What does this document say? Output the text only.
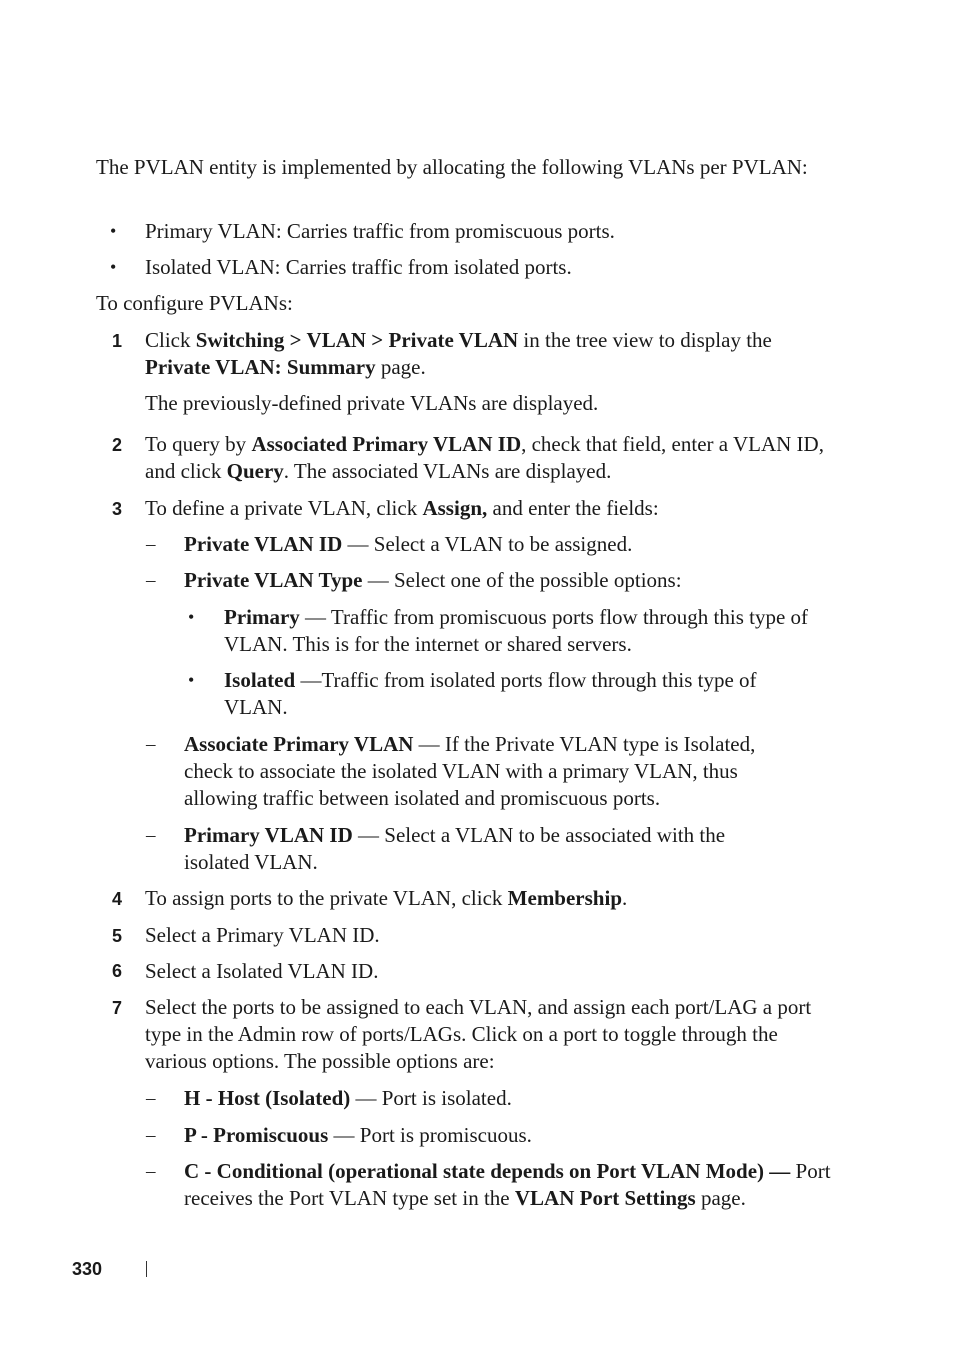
The PVLAN entity is implemented by allocating the following VLANs per PVLAN:

• Primary VLAN: Carries traffic from promiscuous ports.

• Isolated VLAN: Carries traffic from isolated ports.

To configure PVLANs:

1 Click Switching > VLAN > Private VLAN in the tree view to display the Private VLAN: Summary page.

The previously-defined private VLANs are displayed.

2 To query by Associated Primary VLAN ID, check that field, enter a VLAN ID, and click Query. The associated VLANs are displayed.

3 To define a private VLAN, click Assign, and enter the fields:

– Private VLAN ID — Select a VLAN to be assigned.

– Private VLAN Type — Select one of the possible options:

• Primary — Traffic from promiscuous ports flow through this type of VLAN. This is for the internet or shared servers.

• Isolated —Traffic from isolated ports flow through this type of VLAN.

– Associate Primary VLAN — If the Private VLAN type is Isolated, check to associate the isolated VLAN with a primary VLAN, thus allowing traffic between isolated and promiscuous ports.

– Primary VLAN ID — Select a VLAN to be associated with the isolated VLAN.

4 To assign ports to the private VLAN, click Membership.

5 Select a Primary VLAN ID.

6 Select a Isolated VLAN ID.

7 Select the ports to be assigned to each VLAN, and assign each port/LAG a port type in the Admin row of ports/LAGs. Click on a port to toggle through the various options. The possible options are:

– H - Host (Isolated) — Port is isolated.

– P - Promiscuous — Port is promiscuous.

– C - Conditional (operational state depends on Port VLAN Mode) — Port receives the Port VLAN type set in the VLAN Port Settings page.

330
